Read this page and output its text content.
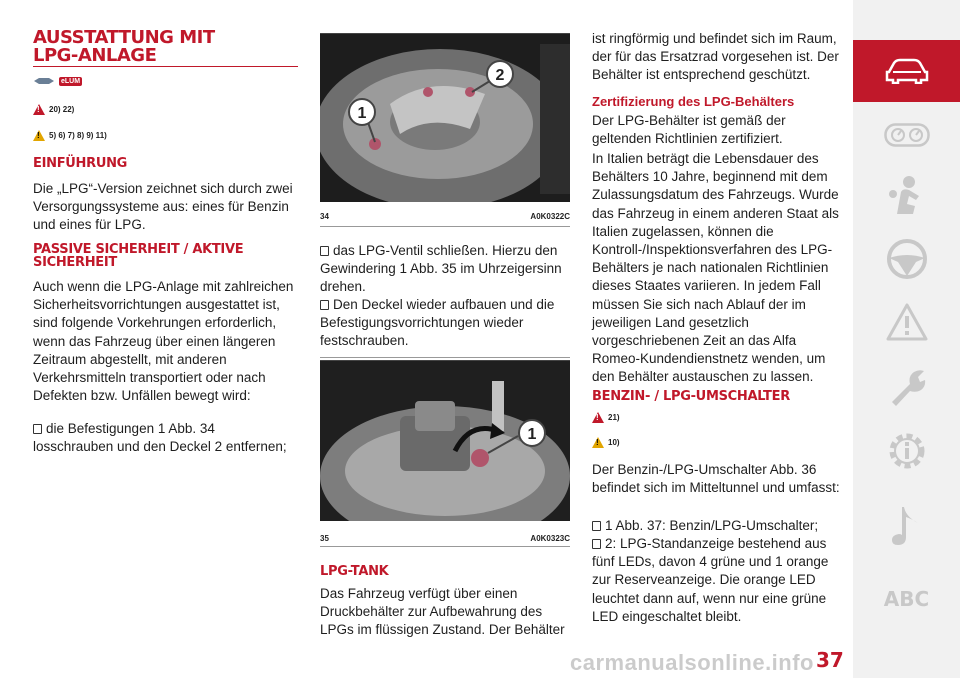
AUSSTATTUNG MIT
LPG-ANLAGE
eLUM
!
20) 22)
!
5) 6) 7) 8) 9) 11)
EINFÜHRUNG

Die „LPG“-Version zeichnet sich durch zwei Versorgungssysteme aus: eines für Benzin und eines für LPG.

PASSIVE SICHERHEIT / AKTIVE
SICHERHEIT

Auch wenn die LPG-Anlage mit zahlreichen Sicherheitsvorrichtungen ausgestattet ist, sind folgende Vorkehrungen erforderlich, wenn das Fahrzeug über einen längeren Zeitraum abgestellt, mit anderen Verkehrsmitteln transportiert oder nach Defekten bzw. Unfällen bewegt wird:

die Befestigungen 1 Abb. 34 losschrauben und den Deckel 2 entfernen;

1
2
34	A0K0322C

das LPG-Ventil schließen. Hierzu den Gewindering 1 Abb. 35 im Uhrzeigersinn drehen.

Den Deckel wieder aufbauen und die Befestigungsvorrichtungen wieder festschrauben.

1
35	A0K0323C
LPG-TANK

Das Fahrzeug verfügt über einen Druckbehälter zur Aufbewahrung des LPGs im flüssigen Zustand. Der Behälter

ist ringförmig und befindet sich im Raum, der für das Ersatzrad vorgesehen ist. Der Behälter ist entsprechend geschützt.

Zertifizierung des LPG-Behälters

Der LPG-Behälter ist gemäß der geltenden Richtlinien zertifiziert.

In Italien beträgt die Lebensdauer des Behälters 10 Jahre, beginnend mit dem Zulassungsdatum des Fahrzeugs. Wurde das Fahrzeug in einem anderen Staat als Italien zugelassen, können die Kontroll-/Inspektionsverfahren des LPG-Behälters je nach nationalen Richtlinien dieses Staates variieren. In jedem Fall müssen Sie sich nach Ablauf der im jeweiligen Land gesetzlich vorgeschriebenen Zeit an das Alfa Romeo-Kundendienstnetz wenden, um den Behälter austauschen zu lassen.

BENZIN- / LPG-UMSCHALTER
!
21)
!
10)

Der Benzin-/LPG-Umschalter Abb. 36 befindet sich im Mitteltunnel und umfasst:

1 Abb. 37: Benzin/LPG-Umschalter;

2: LPG-Standanzeige bestehend aus fünf LEDs, davon 4 grüne und 1 orange zur Reserveanzeige. Die orange LED leuchtet dann auf, wenn nur eine grüne LED eingeschaltet bleibt.

ABC
carmanualsonline.info 37
